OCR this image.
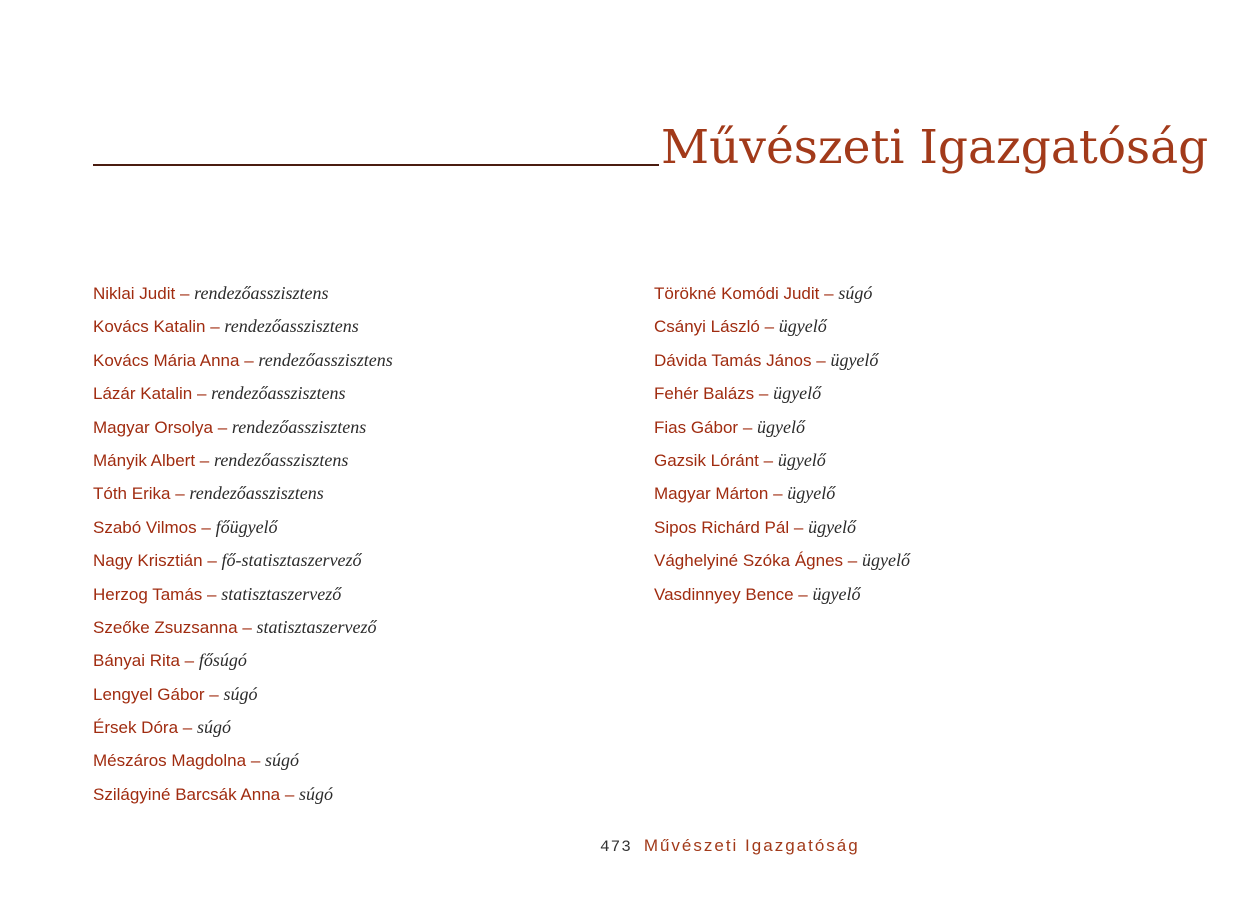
Művészeti Igazgatóság
Niklai Judit – rendezőasszisztens
Kovács Katalin – rendezőasszisztens
Kovács Mária Anna – rendezőasszisztens
Lázár Katalin – rendezőasszisztens
Magyar Orsolya – rendezőasszisztens
Mányik Albert – rendezőasszisztens
Tóth Erika – rendezőasszisztens
Szabó Vilmos – főügyelő
Nagy Krisztián – fő-statisztaszervező
Herzog Tamás – statisztaszervező
Szeőke Zsuzsanna – statisztaszervező
Bányai Rita – fősúgó
Lengyel Gábor – súgó
Érsek Dóra – súgó
Mészáros Magdolna – súgó
Szilágyiné Barcsák Anna – súgó
Törökné Komódi Judit – súgó
Csányi László – ügyelő
Dávida Tamás János – ügyelő
Fehér Balázs – ügyelő
Fias Gábor – ügyelő
Gazsik Lóránt – ügyelő
Magyar Márton – ügyelő
Sipos Richárd Pál – ügyelő
Vághelyiné Szóka Ágnes – ügyelő
Vasdinnyey Bence – ügyelő
473 Művészeti Igazgatóság
